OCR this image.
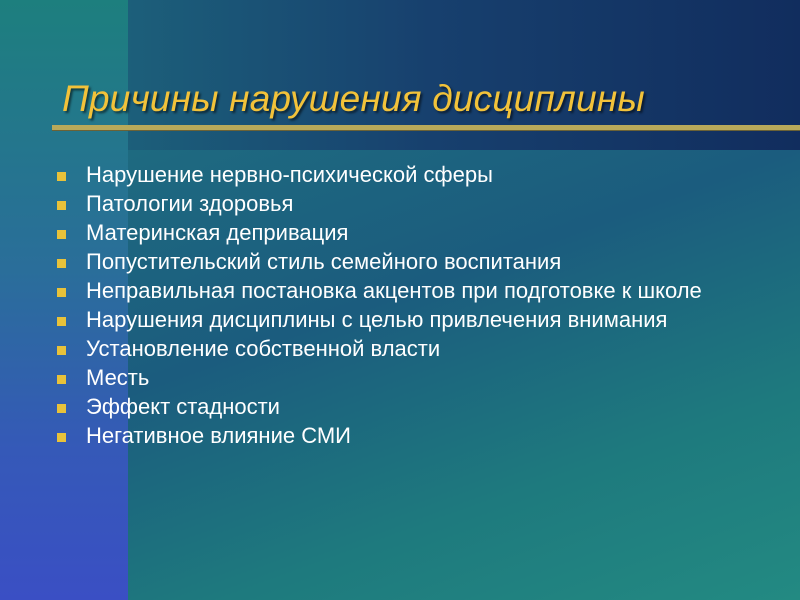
Причины нарушения дисциплины
Нарушение нервно-психической сферы
Патологии здоровья
Материнская депривация
Попустительский стиль семейного воспитания
Неправильная постановка акцентов при подготовке к школе
Нарушения дисциплины с целью привлечения внимания
Установление собственной власти
Месть
Эффект стадности
Негативное влияние СМИ
